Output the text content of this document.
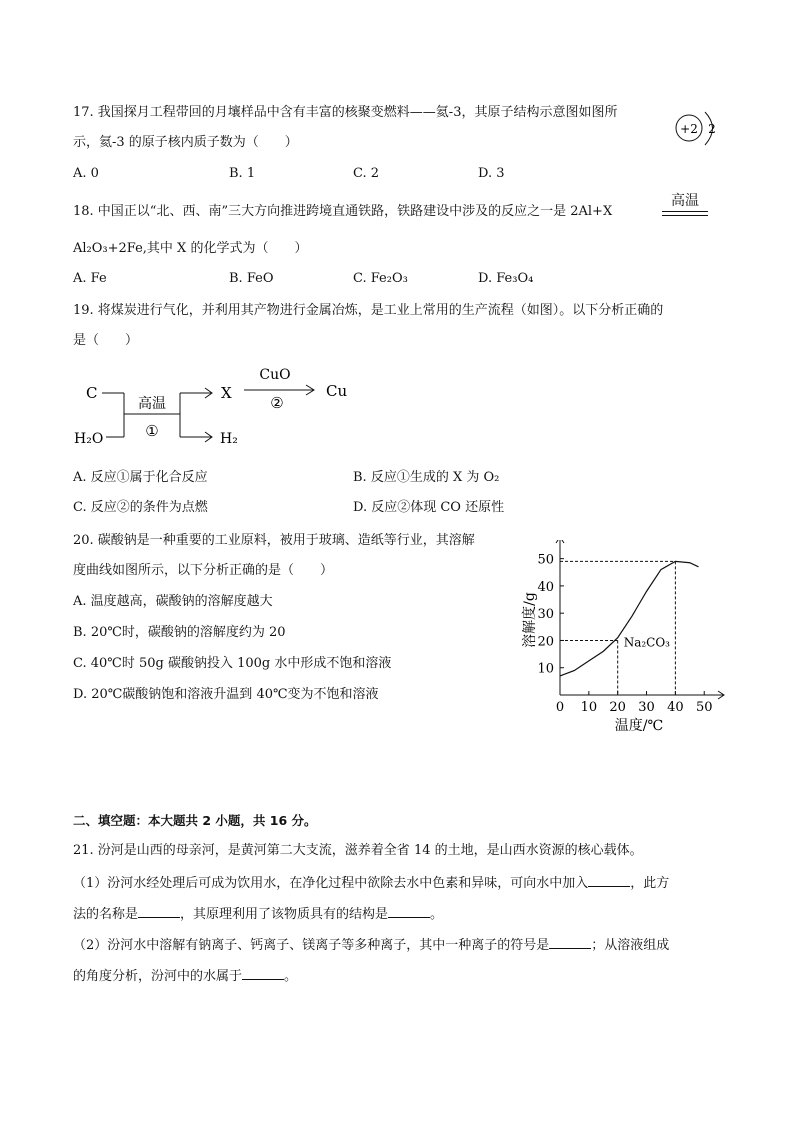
17. 我国探月工程带回的月壤样品中含有丰富的核聚变燃料——氦-3，其原子结构示意图如图所
示，氦-3 的原子核内质子数为（　　）
+2 2
A. 0	B. 1	C. 2	D. 3
18. 中国正以“北、西、南”三大方向推进跨境直通铁路，铁路建设中涉及的反应之一是 2Al+X
高温
Al₂O₃+2Fe,其中 X 的化学式为（　　）
A. Fe	B. FeO	C. Fe₂O₃	D. Fe₃O₄
19. 将煤炭进行气化，并利用其产物进行金属冶炼，是工业上常用的生产流程（如图）。以下分析正确的
是（　　）
C
H₂O
高温
①
X
H₂
CuO
②
Cu
A. 反应①属于化合反应	B. 反应①生成的 X 为 O₂
C. 反应②的条件为点燃	D. 反应②体现 CO 还原性
20. 碳酸钠是一种重要的工业原料，被用于玻璃、造纸等行业，其溶解
度曲线如图所示，以下分析正确的是（　　）
A. 温度越高，碳酸钠的溶解度越大
B. 20℃时，碳酸钠的溶解度约为 20
C. 40℃时 50g 碳酸钠投入 100g 水中形成不饱和溶液
D. 20℃碳酸钠饱和溶液升温到 40℃变为不饱和溶液
0 10 20 30 40 50
10
20
30
40
50
温度/℃
溶解度/g	Na₂CO₃
二、填空题：本大题共 2 小题，共 16 分。
21. 汾河是山西的母亲河，是黄河第二大支流，滋养着全省 14 的土地，是山西水资源的核心载体。
（1）汾河水经处理后可成为饮用水，在净化过程中欲除去水中色素和异味，可向水中加入	，此方
法的名称是	，其原理利用了该物质具有的结构是	。
（2）汾河水中溶解有钠离子、钙离子、镁离子等多种离子，其中一种离子的符号是	；从溶液组成
的角度分析，汾河中的水属于	。
